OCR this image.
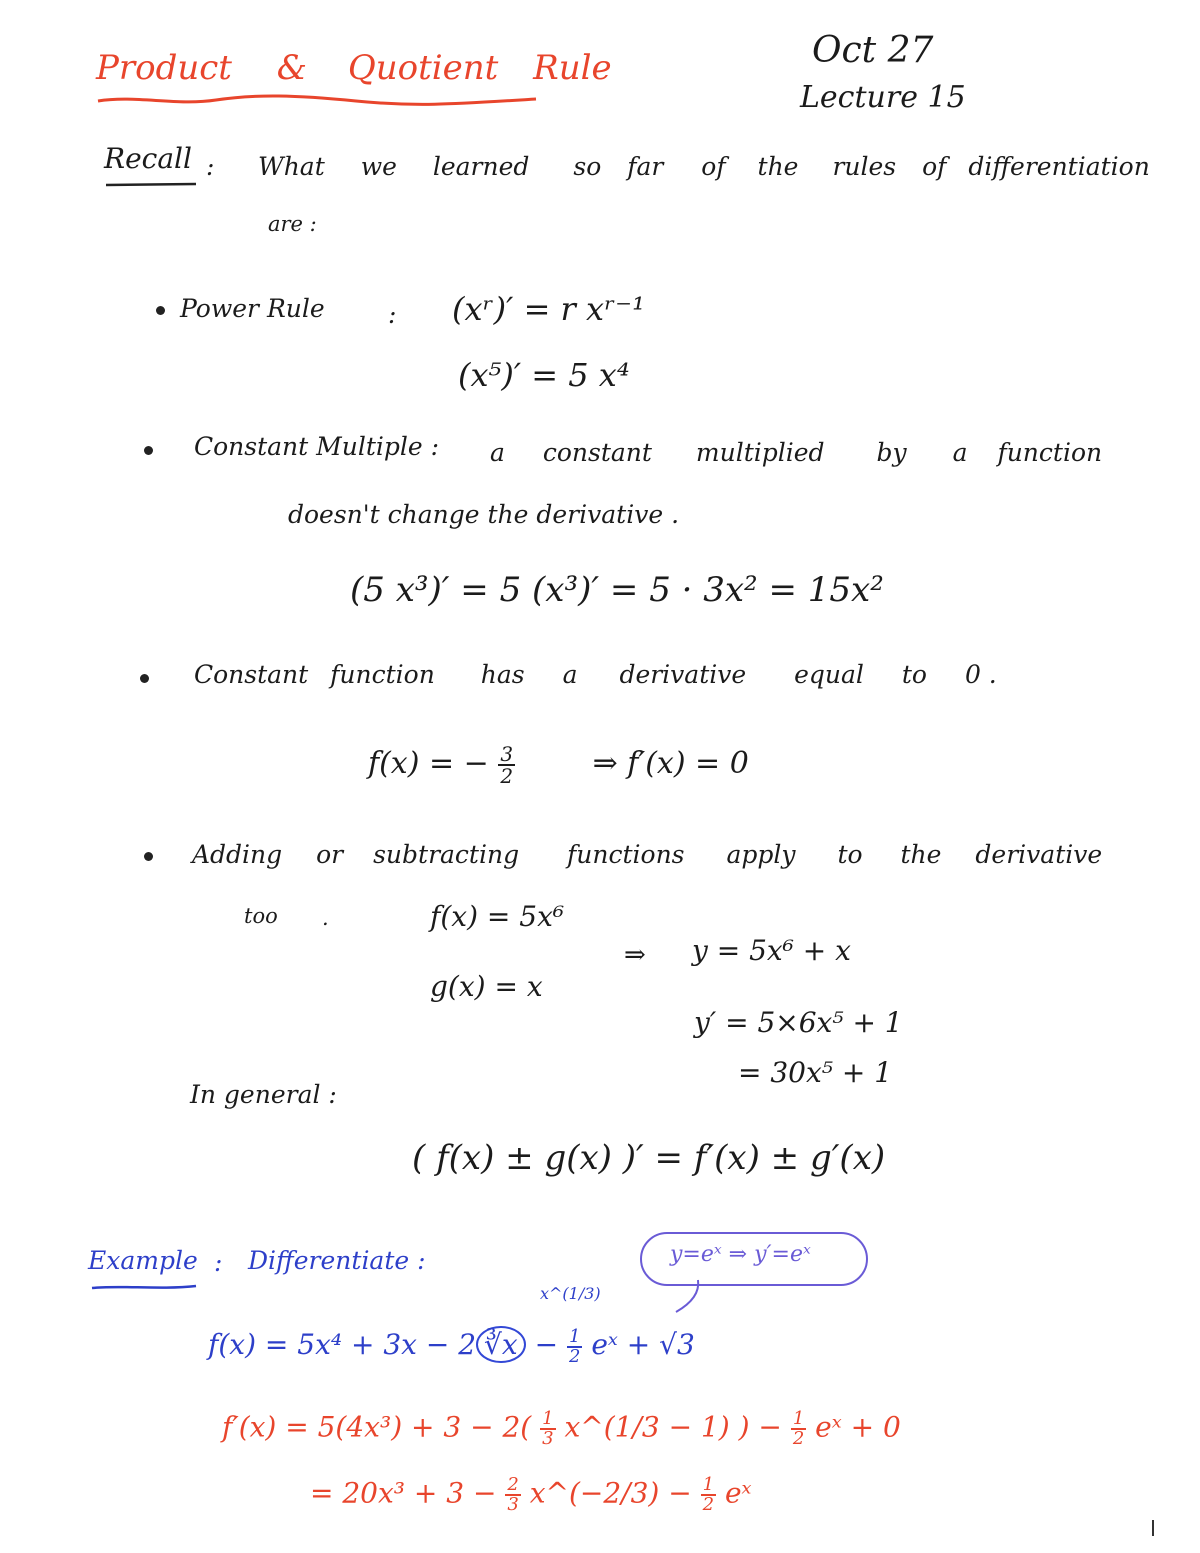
Product & Quotient Rule	Oct 27
Lecture 15
Recall : What we learned so far of the rules of differentiation
are :
Power Rule	: (xʳ)′ = r xʳ⁻¹
(x⁵)′ = 5 x⁴
Constant Multiple : a constant multiplied by a function
doesn't change the derivative .
(5 x³)′ = 5 (x³)′ = 5 · 3x² = 15x²
Constant function has a derivative equal to 0 .
f(x) = − $\frac{3}{2}$	⇒ f′(x) = 0
Adding or subtracting functions apply to the derivative
too .	f(x) = 5x⁶
g(x) = x
⇒ y = 5x⁶ + x
y′ = 5×6x⁵ + 1
= 30x⁵ + 1
In general :
( f(x) ± g(x) )′ = f′(x) ± g′(x)
Example : Differentiate :	y=eˣ ⇒ y′=eˣ
x^(1/3)
f(x) = 5x⁴ + 3x − 2 ∛x − $\frac{1}{2}$ eˣ + √3
$f'(x) = 5(4x^3) + 3 - 2( \frac{1}{3}$ x^(1/3 − 1) ) − $\frac{1}{2}$ eˣ + 0
= $20x^3 + 3 - \frac{2}{3}$ x^(−2/3) − $\frac{1}{2}$ eˣ
